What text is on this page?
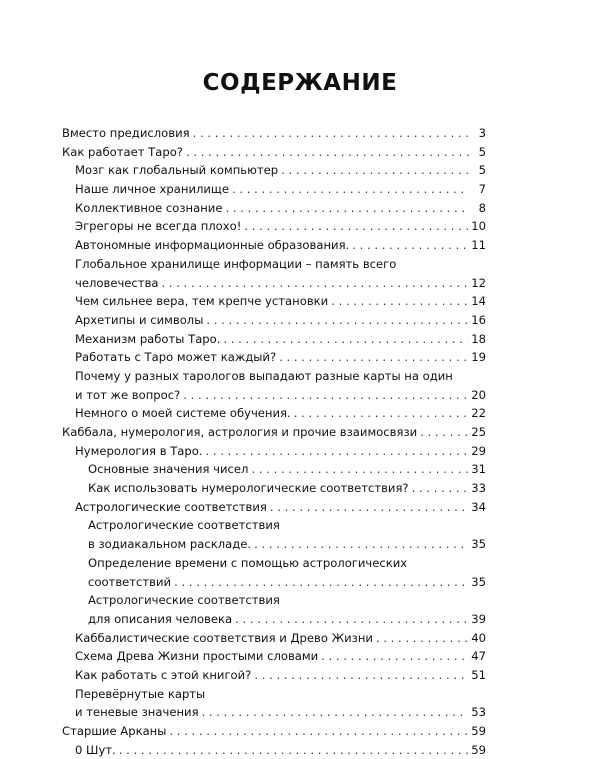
СОДЕРЖАНИЕ
Вместо предисловия . . .	3
Как работает Таро? . . .	5
Мозг как глобальный компьютер . . .	5
Наше личное хранилище . . .	7
Коллективное сознание . . .	8
Эгрегоры не всегда плохо! . . .	10
Автономные информационные образования. . . .	11
Глобальное хранилище информации – память всего
человечества . . .	12
Чем сильнее вера, тем крепче установки . . .	14
Архетипы и символы . . .	16
Механизм работы Таро. . . .	18
Работать с Таро может каждый? . . .	19
Почему у разных тарологов выпадают разные карты на один
и тот же вопрос? . . .	20
Немного о моей системе обучения. . . .	22
Каббала, нумерология, астрология и прочие взаимосвязи . . .	25
Нумерология в Таро. . . .	29
Основные значения чисел . . .	31
Как использовать нумерологические соответствия? . . .	33
Астрологические соответствия . . .	34
Астрологические соответствия
в зодиакальном раскладе. . . .	35
Определение времени с помощью астрологических
соответствий . . .	35
Астрологические соответствия
для описания человека . . .	39
Каббалистические соответствия и Древо Жизни . . .	40
Схема Древа Жизни простыми словами . . .	47
Как работать с этой книгой? . . .	51
Перевёрнутые карты
и теневые значения . . .	53
Старшие Арканы . . .	59
0 Шут. . . .	59
